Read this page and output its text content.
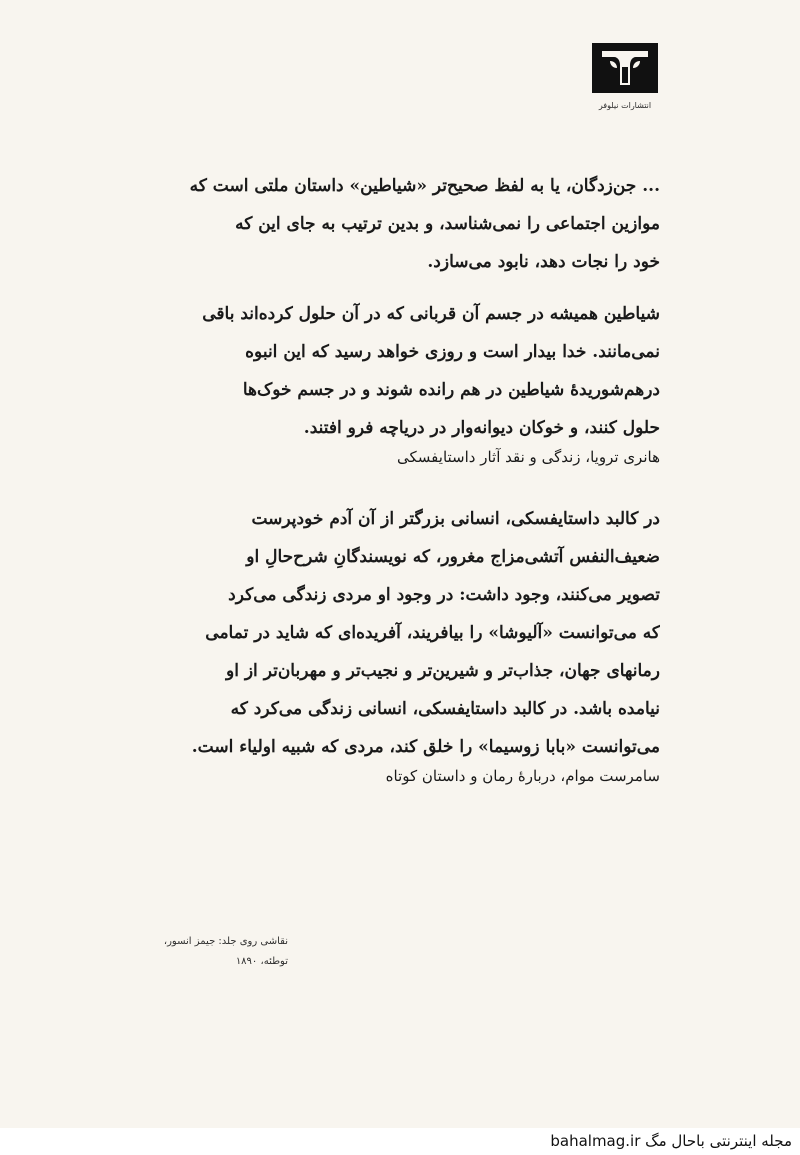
انتشارات نیلوفر
... جن‌زدگان، یا به لفظ صحیح‌تر «شیاطین» داستان ملتی است که
موازین اجتماعی را نمی‌شناسد، و بدین ترتیب به جای این که
خود را نجات دهد، نابود می‌سازد.
شیاطین همیشه در جسم آن قربانی که در آن حلول کرده‌اند باقی
نمی‌مانند. خدا بیدار است و روزی خواهد رسید که این انبوه
درهم‌شوریدهٔ شیاطین در هم رانده شوند و در جسم خوک‌ها
حلول کنند، و خوکان دیوانه‌وار در دریاچه فرو افتند.
هانری ترویا، زندگی و نقد آثار داستایفسکی
در کالبد داستایفسکی، انسانی بزرگتر از آن آدم خودپرست
ضعیف‌النفس آتشی‌مزاج مغرور، که نویسندگانِ شرح‌حالِ او
تصویر می‌کنند، وجود داشت: در وجود او مردی زندگی می‌کرد
که می‌توانست «آلیوشا» را بیافریند، آفریده‌ای که شاید در تمامی
رمانهای جهان، جذاب‌تر و شیرین‌تر و نجیب‌تر و مهربان‌تر از او
نیامده باشد. در کالبد داستایفسکی، انسانی زندگی می‌کرد که
می‌توانست «بابا زوسیما» را خلق کند، مردی که شبیه اولیاء است.
سامرست موام، دربارهٔ رمان و داستان کوتاه
نقاشی روی جلد: جیمز انسور،
توطئه، ۱۸۹۰
مجله اینترنتی باحال مگ bahalmag.ir
